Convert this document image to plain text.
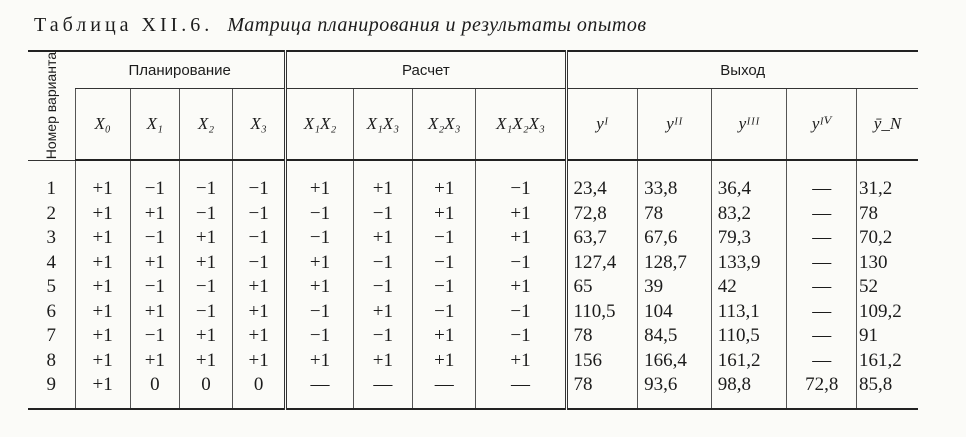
Таблица XII.6. Матрица планирования и результаты опытов
Номер варианта	Планирование				Расчет				Выход				
	X₀	X₁	X₂	X₃	X₁X₂	X₁X₃	X₂X₃	X₁X₂X₃	yᴵ	yᴵᴵ	yᴵᴵᴵ	yᴵⱽ	ȳ_N
1	+1	−1	−1	−1	+1	+1	+1	−1	23,4	33,8	36,4	—	31,2
2	+1	+1	−1	−1	−1	−1	+1	+1	72,8	78	83,2	—	78
3	+1	−1	+1	−1	−1	+1	−1	+1	63,7	67,6	79,3	—	70,2
4	+1	+1	+1	−1	+1	−1	−1	−1	127,4	128,7	133,9	—	130
5	+1	−1	−1	+1	+1	−1	−1	+1	65	39	42	—	52
6	+1	+1	−1	+1	−1	+1	−1	−1	110,5	104	113,1	—	109,2
7	+1	−1	+1	+1	−1	−1	+1	−1	78	84,5	110,5	—	91
8	+1	+1	+1	+1	+1	+1	+1	+1	156	166,4	161,2	—	161,2
9	+1	0	0	0	—	—	—	—	78	93,6	98,8	72,8	85,8
